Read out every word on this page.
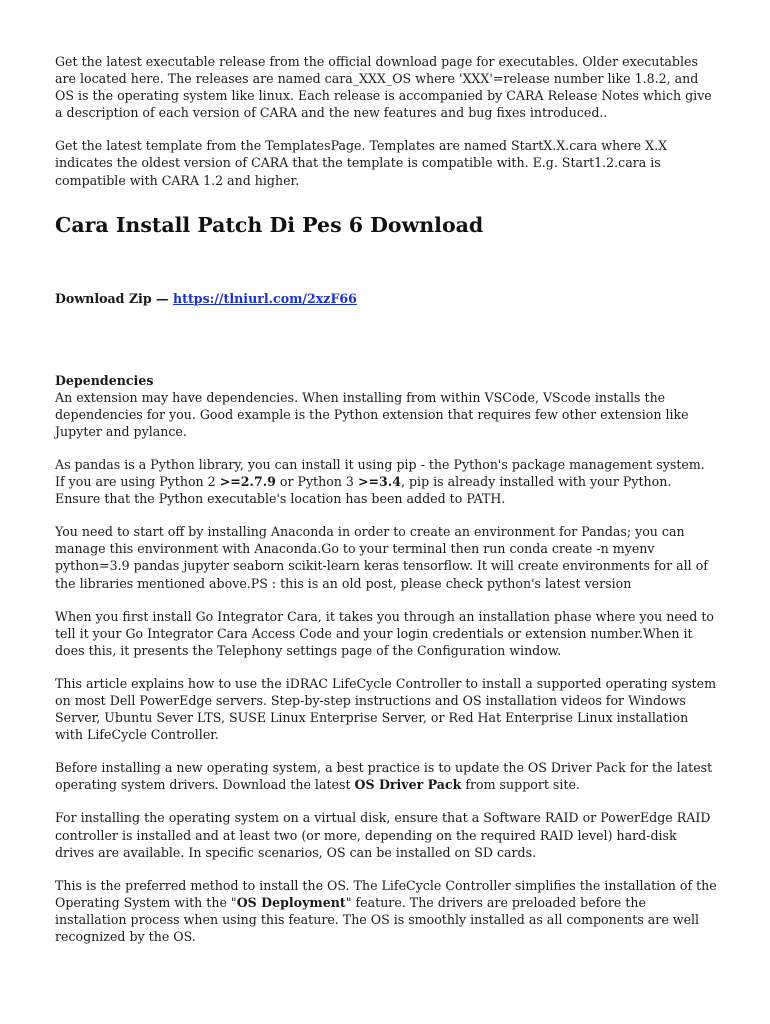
Get the latest executable release from the official download page for executables. Older executables are located here. The releases are named cara_XXX_OS where 'XXX'=release number like 1.8.2, and OS is the operating system like linux. Each release is accompanied by CARA Release Notes which give a description of each version of CARA and the new features and bug fixes introduced..

Get the latest template from the TemplatesPage. Templates are named StartX.X.cara where X.X indicates the oldest version of CARA that the template is compatible with. E.g. Start1.2.cara is compatible with CARA 1.2 and higher.

Cara Install Patch Di Pes 6 Download
Download Zip — https://tlniurl.com/2xzF66
Dependencies

An extension may have dependencies. When installing from within VSCode, VScode installs the dependencies for you. Good example is the Python extension that requires few other extension like Jupyter and pylance.

As pandas is a Python library, you can install it using pip - the Python's package management system. If you are using Python 2 >=2.7.9 or Python 3 >=3.4, pip is already installed with your Python. Ensure that the Python executable's location has been added to PATH.

You need to start off by installing Anaconda in order to create an environment for Pandas; you can manage this environment with Anaconda.Go to your terminal then run conda create -n myenv python=3.9 pandas jupyter seaborn scikit-learn keras tensorflow. It will create environments for all of the libraries mentioned above.PS : this is an old post, please check python's latest version

When you first install Go Integrator Cara, it takes you through an installation phase where you need to tell it your Go Integrator Cara Access Code and your login credentials or extension number.When it does this, it presents the Telephony settings page of the Configuration window.

This article explains how to use the iDRAC LifeCycle Controller to install a supported operating system on most Dell PowerEdge servers. Step-by-step instructions and OS installation videos for Windows Server, Ubuntu Sever LTS, SUSE Linux Enterprise Server, or Red Hat Enterprise Linux installation with LifeCycle Controller.

Before installing a new operating system, a best practice is to update the OS Driver Pack for the latest operating system drivers. Download the latest OS Driver Pack from support site.

For installing the operating system on a virtual disk, ensure that a Software RAID or PowerEdge RAID controller is installed and at least two (or more, depending on the required RAID level) hard-disk drives are available. In specific scenarios, OS can be installed on SD cards.

This is the preferred method to install the OS. The LifeCycle Controller simplifies the installation of the Operating System with the "OS Deployment" feature. The drivers are preloaded before the installation process when using this feature. The OS is smoothly installed as all components are well recognized by the OS.
